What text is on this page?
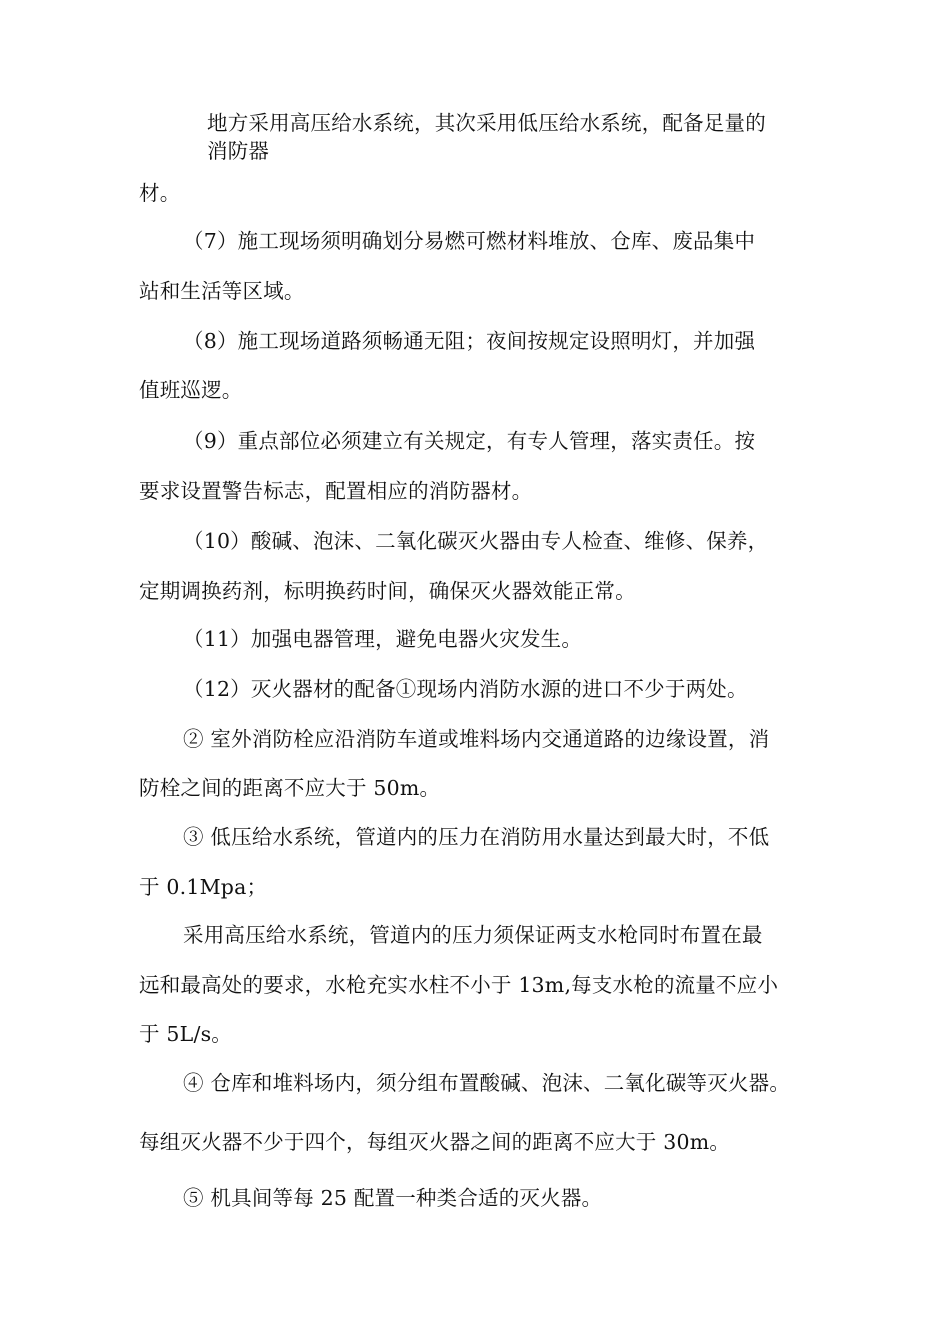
地方采用高压给水系统，其次采用低压给水系统，配备足量的
消防器
材。
（7）施工现场须明确划分易燃可燃材料堆放、仓库、废品集中
站和生活等区域。
（8）施工现场道路须畅通无阻；夜间按规定设照明灯，并加强
值班巡逻。
（9）重点部位必须建立有关规定，有专人管理，落实责任。按
要求设置警告标志，配置相应的消防器材。
（10）酸碱、泡沫、二氧化碳灭火器由专人检查、维修、保养，
定期调换药剂，标明换药时间，确保灭火器效能正常。
（11）加强电器管理，避免电器火灾发生。
（12）灭火器材的配备①现场内消防水源的进口不少于两处。
② 室外消防栓应沿消防车道或堆料场内交通道路的边缘设置，消
防栓之间的距离不应大于 50m。
③ 低压给水系统，管道内的压力在消防用水量达到最大时，不低
于 0.1Mpa；
采用高压给水系统，管道内的压力须保证两支水枪同时布置在最
远和最高处的要求，水枪充实水柱不小于 13m,每支水枪的流量不应小
于 5L/s。
④ 仓库和堆料场内，须分组布置酸碱、泡沫、二氧化碳等灭火器。
每组灭火器不少于四个，每组灭火器之间的距离不应大于 30m。
⑤ 机具间等每 25 配置一种类合适的灭火器。
